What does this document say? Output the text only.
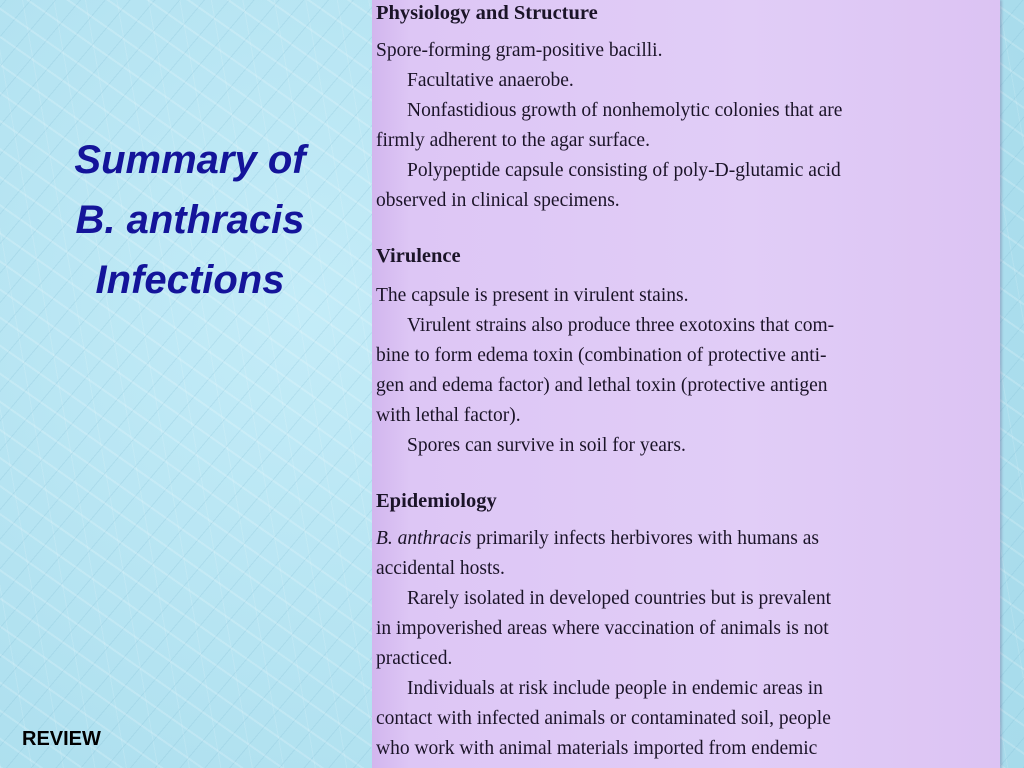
Summary of
B. anthracis
Infections
REVIEW
Physiology and Structure
Spore-forming gram-positive bacilli.
Facultative anaerobe.
Nonfastidious growth of nonhemolytic colonies that are
firmly adherent to the agar surface.
Polypeptide capsule consisting of poly-D-glutamic acid
observed in clinical specimens.
Virulence
The capsule is present in virulent stains.
Virulent strains also produce three exotoxins that com-
bine to form edema toxin (combination of protective anti-
gen and edema factor) and lethal toxin (protective antigen
with lethal factor).
Spores can survive in soil for years.
Epidemiology
B. anthracis primarily infects herbivores with humans as
accidental hosts.
Rarely isolated in developed countries but is prevalent
in impoverished areas where vaccination of animals is not
practiced.
Individuals at risk include people in endemic areas in
contact with infected animals or contaminated soil, people
who work with animal materials imported from endemic
